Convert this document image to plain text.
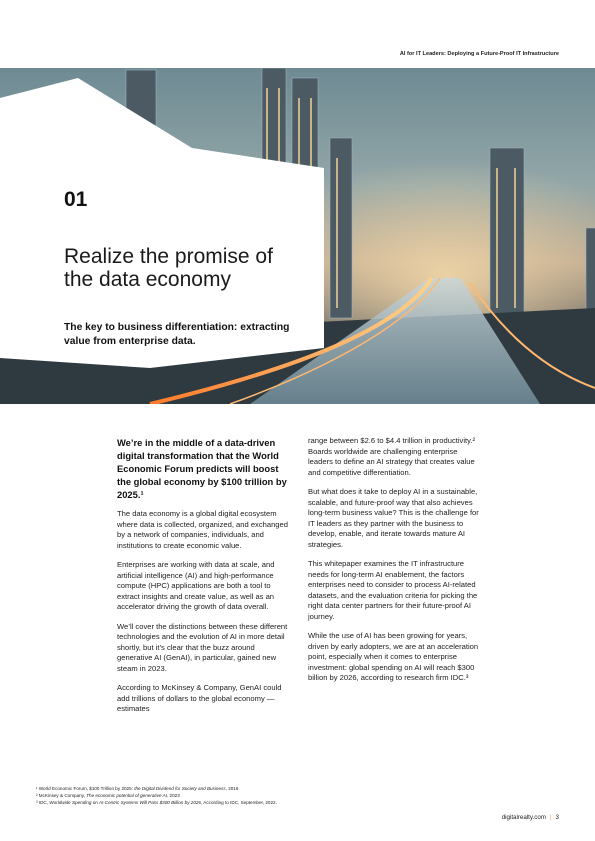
AI for IT Leaders: Deploying a Future-Proof IT Infrastructure
01
Realize the promise of the data economy
The key to business differentiation: extracting value from enterprise data.

We’re in the middle of a data-driven digital transformation that the World Economic Forum predicts will boost the global economy by $100 trillion by 2025.¹

The data economy is a global digital ecosystem where data is collected, organized, and exchanged by a network of companies, individuals, and institutions to create economic value.

Enterprises are working with data at scale, and artificial intelligence (AI) and high-performance compute (HPC) applications are both a tool to extract insights and create value, as well as an accelerator driving the growth of data overall.

We’ll cover the distinctions between these different technologies and the evolution of AI in more detail shortly, but it’s clear that the buzz around generative AI (GenAI), in particular, gained new steam in 2023.

According to McKinsey & Company, GenAI could add trillions of dollars to the global economy — estimates

range between $2.6 to $4.4 trillion in productivity.² Boards worldwide are challenging enterprise leaders to define an AI strategy that creates value and competitive differentiation.

But what does it take to deploy AI in a sustainable, scalable, and future-proof way that also achieves long-term business value? This is the challenge for IT leaders as they partner with the business to develop, enable, and iterate towards mature AI strategies.

This whitepaper examines the IT infrastructure needs for long-term AI enablement, the factors enterprises need to consider to process AI-related datasets, and the evaluation criteria for picking the right data center partners for their future-proof AI journey.

While the use of AI has been growing for years, driven by early adopters, we are at an acceleration point, especially when it comes to enterprise investment: global spending on AI will reach $300 billion by 2026, according to research firm IDC.³

¹ World Economic Forum, $100 Trillion by 2025: the Digital Dividend for Society and Business, 2016
² McKinsey & Company, The economic potential of generative AI, 2023
³ IDC, Worldwide Spending on AI-Centric Systems Will Pass $300 Billion by 2026, According to IDC, September, 2022.
digitalrealty.com | 3
